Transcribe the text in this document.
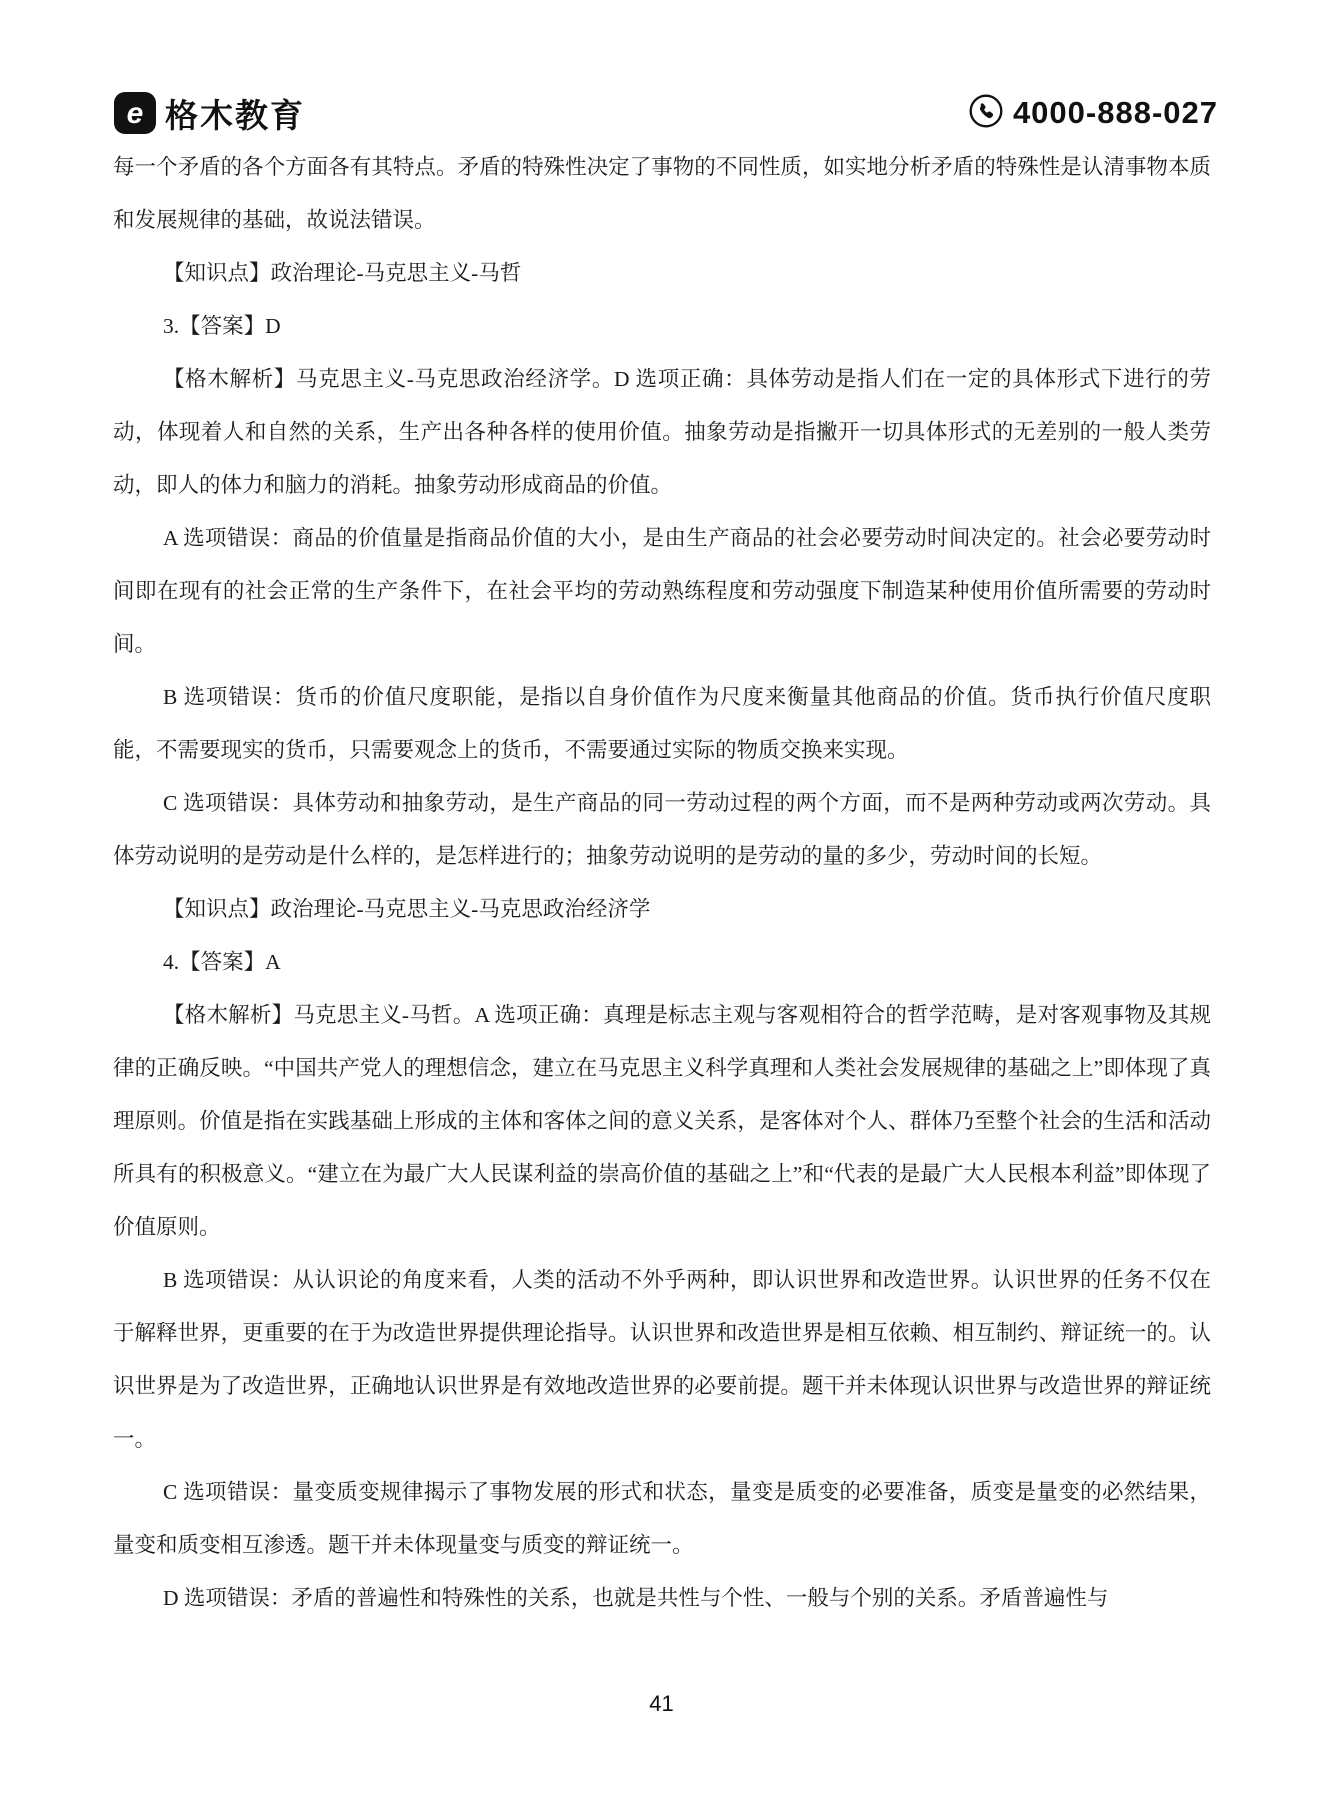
e 格木教育	4000-888-027

每一个矛盾的各个方面各有其特点。矛盾的特殊性决定了事物的不同性质，如实地分析矛盾的特殊性是认清事物本质和发展规律的基础，故说法错误。

【知识点】政治理论-马克思主义-马哲

3.【答案】D

【格木解析】马克思主义-马克思政治经济学。D 选项正确：具体劳动是指人们在一定的具体形式下进行的劳动，体现着人和自然的关系，生产出各种各样的使用价值。抽象劳动是指撇开一切具体形式的无差别的一般人类劳动，即人的体力和脑力的消耗。抽象劳动形成商品的价值。

A 选项错误：商品的价值量是指商品价值的大小，是由生产商品的社会必要劳动时间决定的。社会必要劳动时间即在现有的社会正常的生产条件下，在社会平均的劳动熟练程度和劳动强度下制造某种使用价值所需要的劳动时间。

B 选项错误：货币的价值尺度职能，是指以自身价值作为尺度来衡量其他商品的价值。货币执行价值尺度职能，不需要现实的货币，只需要观念上的货币，不需要通过实际的物质交换来实现。

C 选项错误：具体劳动和抽象劳动，是生产商品的同一劳动过程的两个方面，而不是两种劳动或两次劳动。具体劳动说明的是劳动是什么样的，是怎样进行的；抽象劳动说明的是劳动的量的多少，劳动时间的长短。

【知识点】政治理论-马克思主义-马克思政治经济学

4.【答案】A

【格木解析】马克思主义-马哲。A 选项正确：真理是标志主观与客观相符合的哲学范畴，是对客观事物及其规律的正确反映。“中国共产党人的理想信念，建立在马克思主义科学真理和人类社会发展规律的基础之上”即体现了真理原则。价值是指在实践基础上形成的主体和客体之间的意义关系，是客体对个人、群体乃至整个社会的生活和活动所具有的积极意义。“建立在为最广大人民谋利益的崇高价值的基础之上”和“代表的是最广大人民根本利益”即体现了价值原则。

B 选项错误：从认识论的角度来看，人类的活动不外乎两种，即认识世界和改造世界。认识世界的任务不仅在于解释世界，更重要的在于为改造世界提供理论指导。认识世界和改造世界是相互依赖、相互制约、辩证统一的。认识世界是为了改造世界，正确地认识世界是有效地改造世界的必要前提。题干并未体现认识世界与改造世界的辩证统一。

C 选项错误：量变质变规律揭示了事物发展的形式和状态，量变是质变的必要准备，质变是量变的必然结果，量变和质变相互渗透。题干并未体现量变与质变的辩证统一。

D 选项错误：矛盾的普遍性和特殊性的关系，也就是共性与个性、一般与个别的关系。矛盾普遍性与

41
